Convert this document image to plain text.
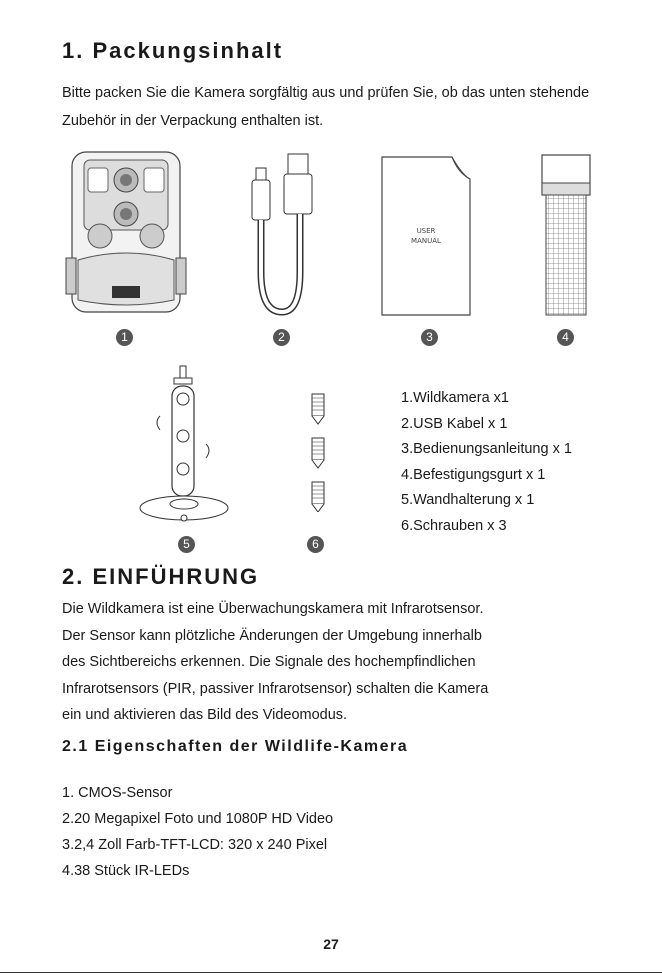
1. Packungsinhalt
Bitte packen Sie die Kamera sorgfältig aus und prüfen Sie, ob das unten stehende Zubehör in der Verpackung enthalten ist.
USER
MANUAL
1	2	3	4
5	6
1.Wildkamera x1
2.USB Kabel x 1
3.Bedienungsanleitung x 1
4.Befestigungsgurt x 1
5.Wandhalterung x 1
6.Schrauben x 3
2. EINFÜHRUNG
Die Wildkamera ist eine Überwachungskamera mit Infrarotsensor.
Der Sensor kann plötzliche Änderungen der Umgebung innerhalb
des Sichtbereichs erkennen. Die Signale des hochempfindlichen
Infrarotsensors (PIR, passiver Infrarotsensor) schalten die Kamera
ein und aktivieren das Bild des Videomodus.
2.1 Eigenschaften der Wildlife-Kamera
1. CMOS-Sensor
2.20 Megapixel Foto und 1080P HD Video
3.2,4 Zoll Farb-TFT-LCD: 320 x 240 Pixel
4.38 Stück IR-LEDs
27
